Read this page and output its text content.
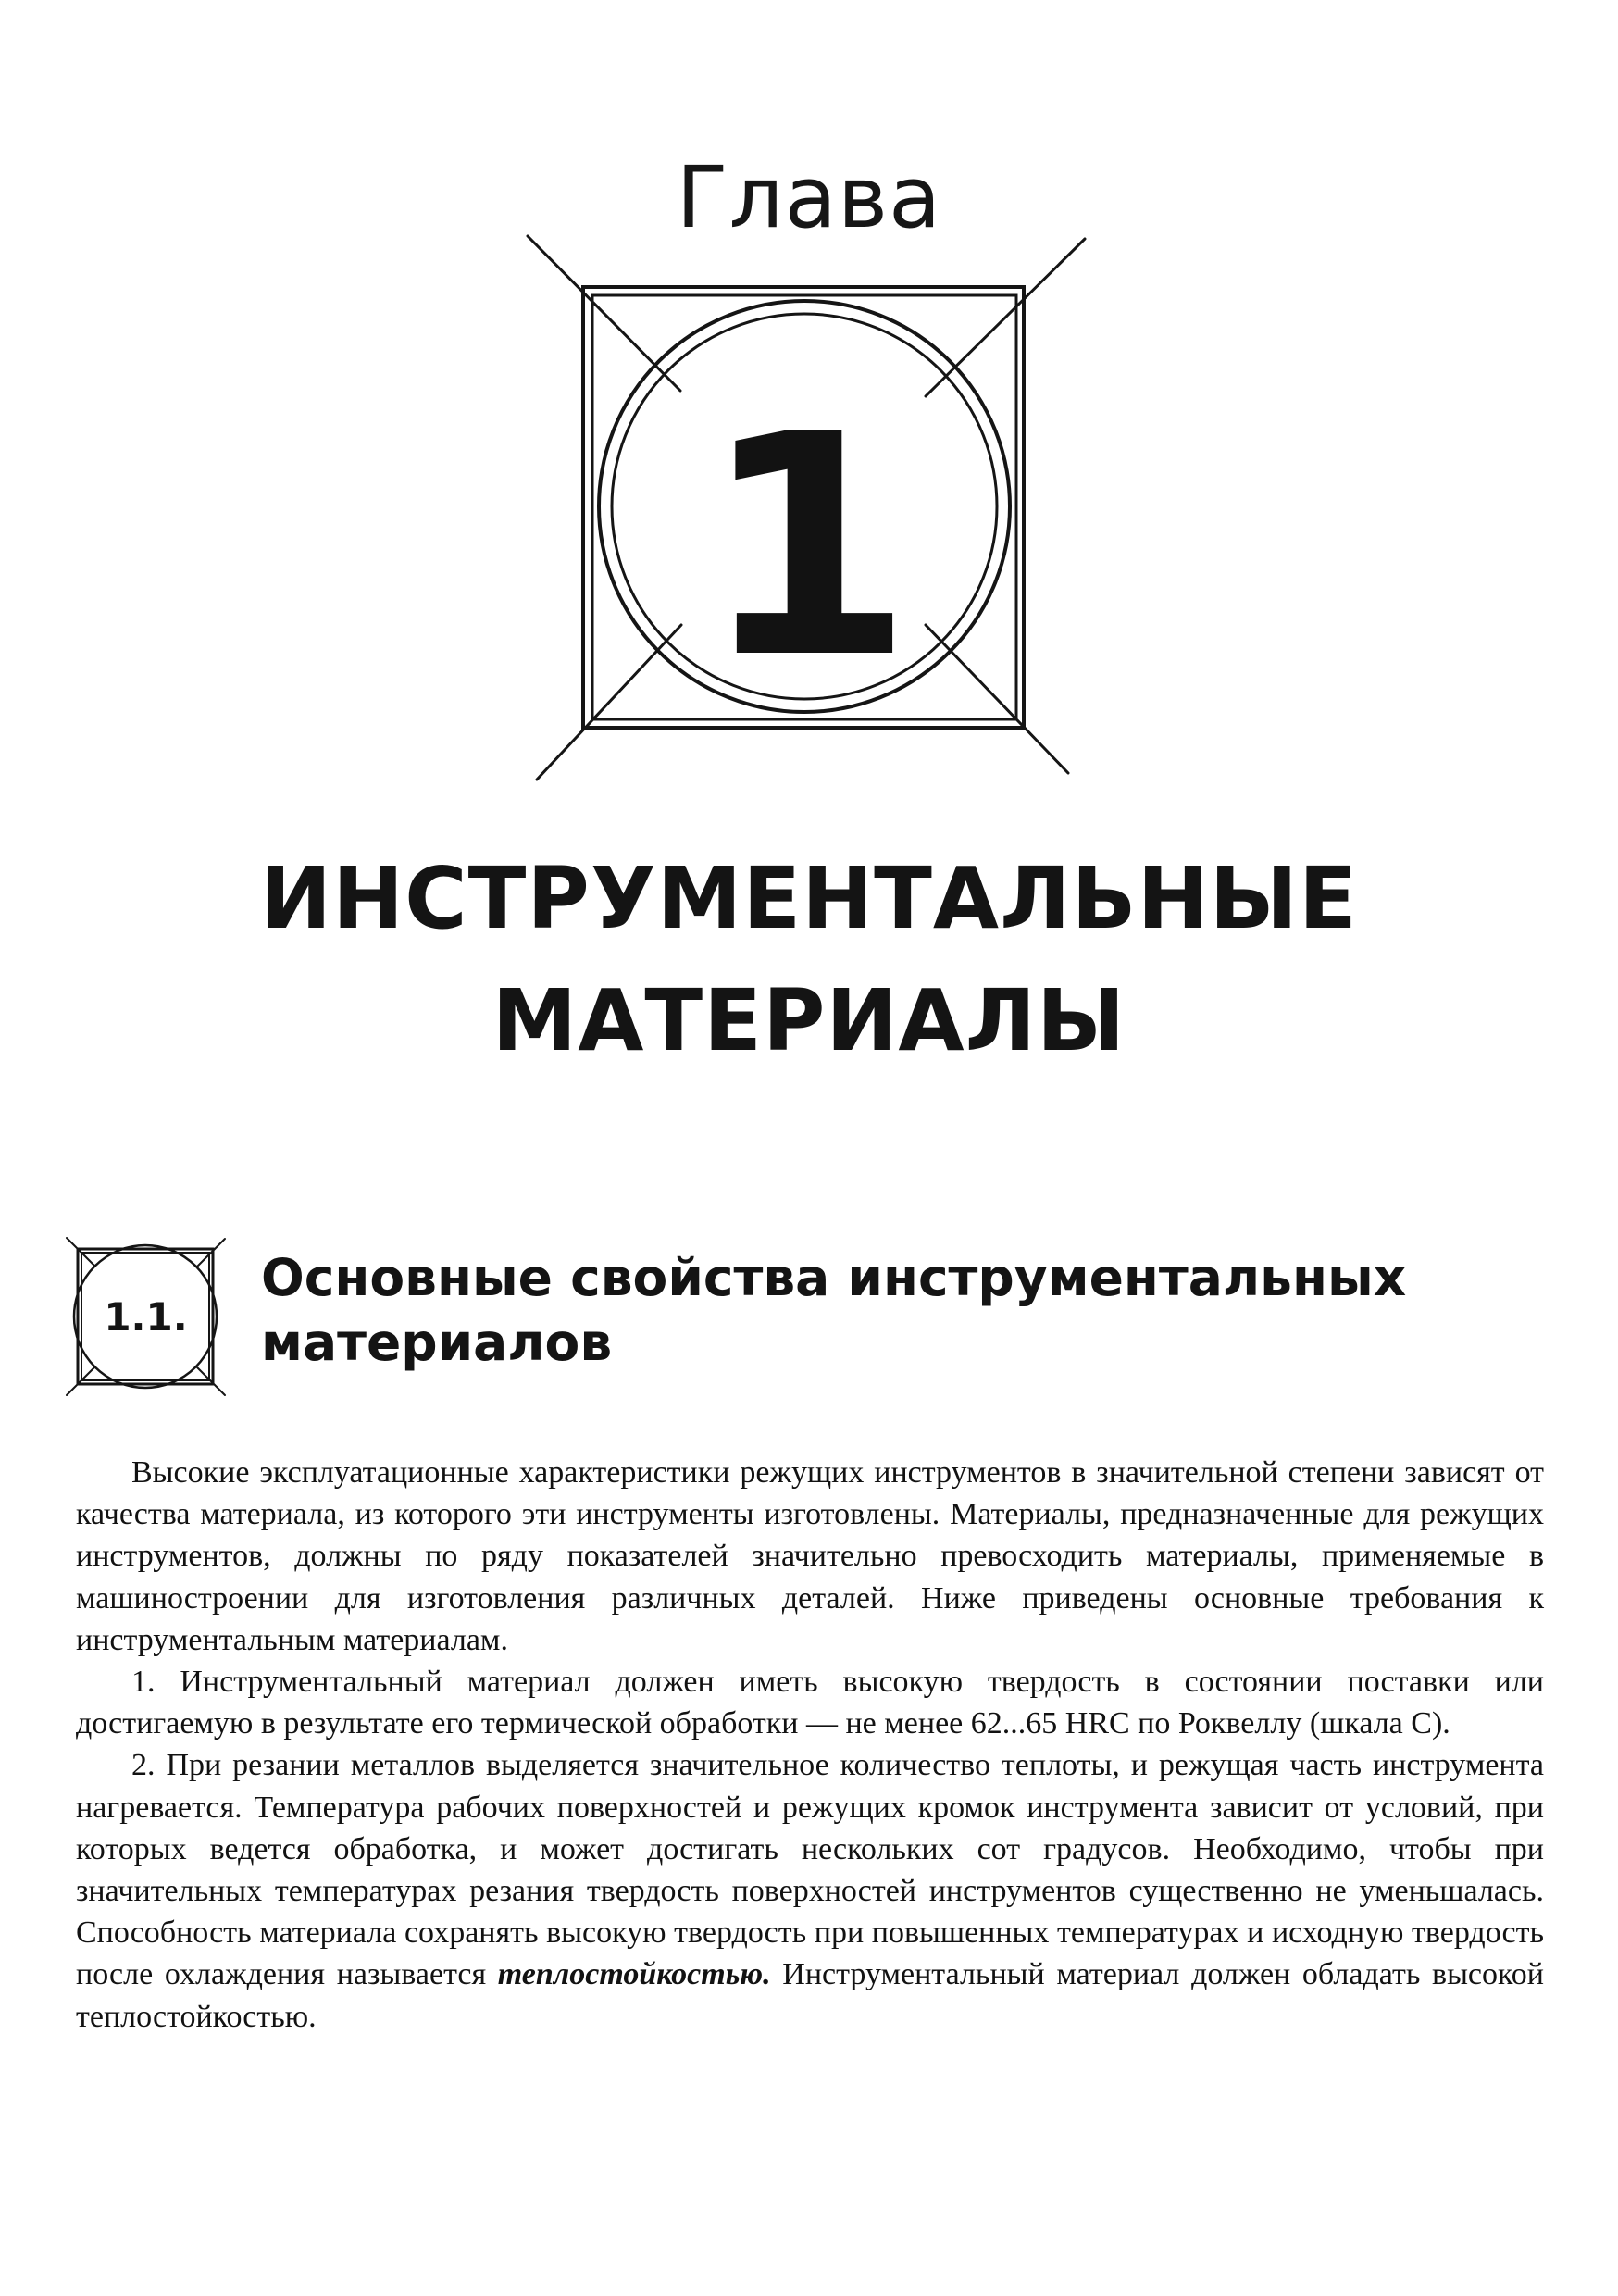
Глава
1
ИНСТРУМЕНТАЛЬНЫЕ
МАТЕРИАЛЫ
1.1.
Основные свойства инструментальных
материалов

Высокие эксплуатационные характеристики режущих инструментов в значительной степени зависят от качества материала, из которого эти инструменты изготовлены. Материалы, предназначенные для режущих инструментов, должны по ряду показателей значительно превосходить материалы, применяемые в машиностроении для изготовления различных деталей. Ниже приведены основные требования к инструментальным материалам.

1. Инструментальный материал должен иметь высокую твердость в состоянии поставки или достигаемую в результате его термической обработки — не менее 62...65 HRC по Роквеллу (шкала С).

2. При резании металлов выделяется значительное количество теплоты, и режущая часть инструмента нагревается. Температура рабочих поверхностей и режущих кромок инструмента зависит от условий, при которых ведется обработка, и может достигать нескольких сот градусов. Необходимо, чтобы при значительных температурах резания твердость поверхностей инструментов существенно не уменьшалась. Способность материала сохранять высокую твердость при повышенных температурах и исходную твердость после охлаждения называется теплостойкостью. Инструментальный материал должен обладать высокой теплостойкостью.
